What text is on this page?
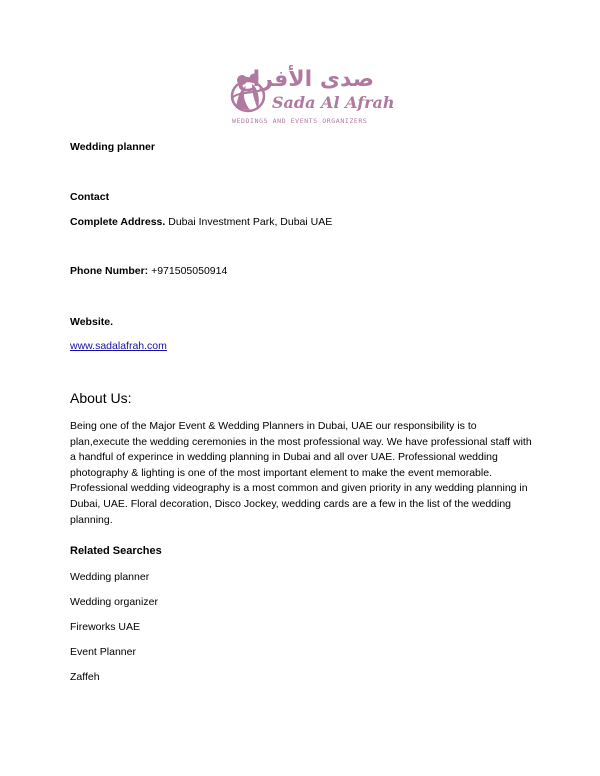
صدى الأفراح
Sada Al Afrah
WEDDINGS AND EVENTS ORGANIZERS
Wedding planner
Contact
Complete Address. Dubai Investment Park, Dubai UAE
Phone Number: +971505050914
Website.
www.sadalafrah.com
About Us:
Being one of the Major Event & Wedding Planners in Dubai, UAE our responsibility is to plan,execute the wedding ceremonies in the most professional way. We have professional staff with a handful of experince in wedding planning in Dubai and all over UAE. Professional wedding photography & lighting is one of the most important element to make the event memorable. Professional wedding videography is a most common and given priority in any wedding planning in Dubai, UAE. Floral decoration, Disco Jockey, wedding cards are a few in the list of the wedding planning.
Related Searches
Wedding planner
Wedding organizer
Fireworks UAE
Event Planner
Zaffeh
